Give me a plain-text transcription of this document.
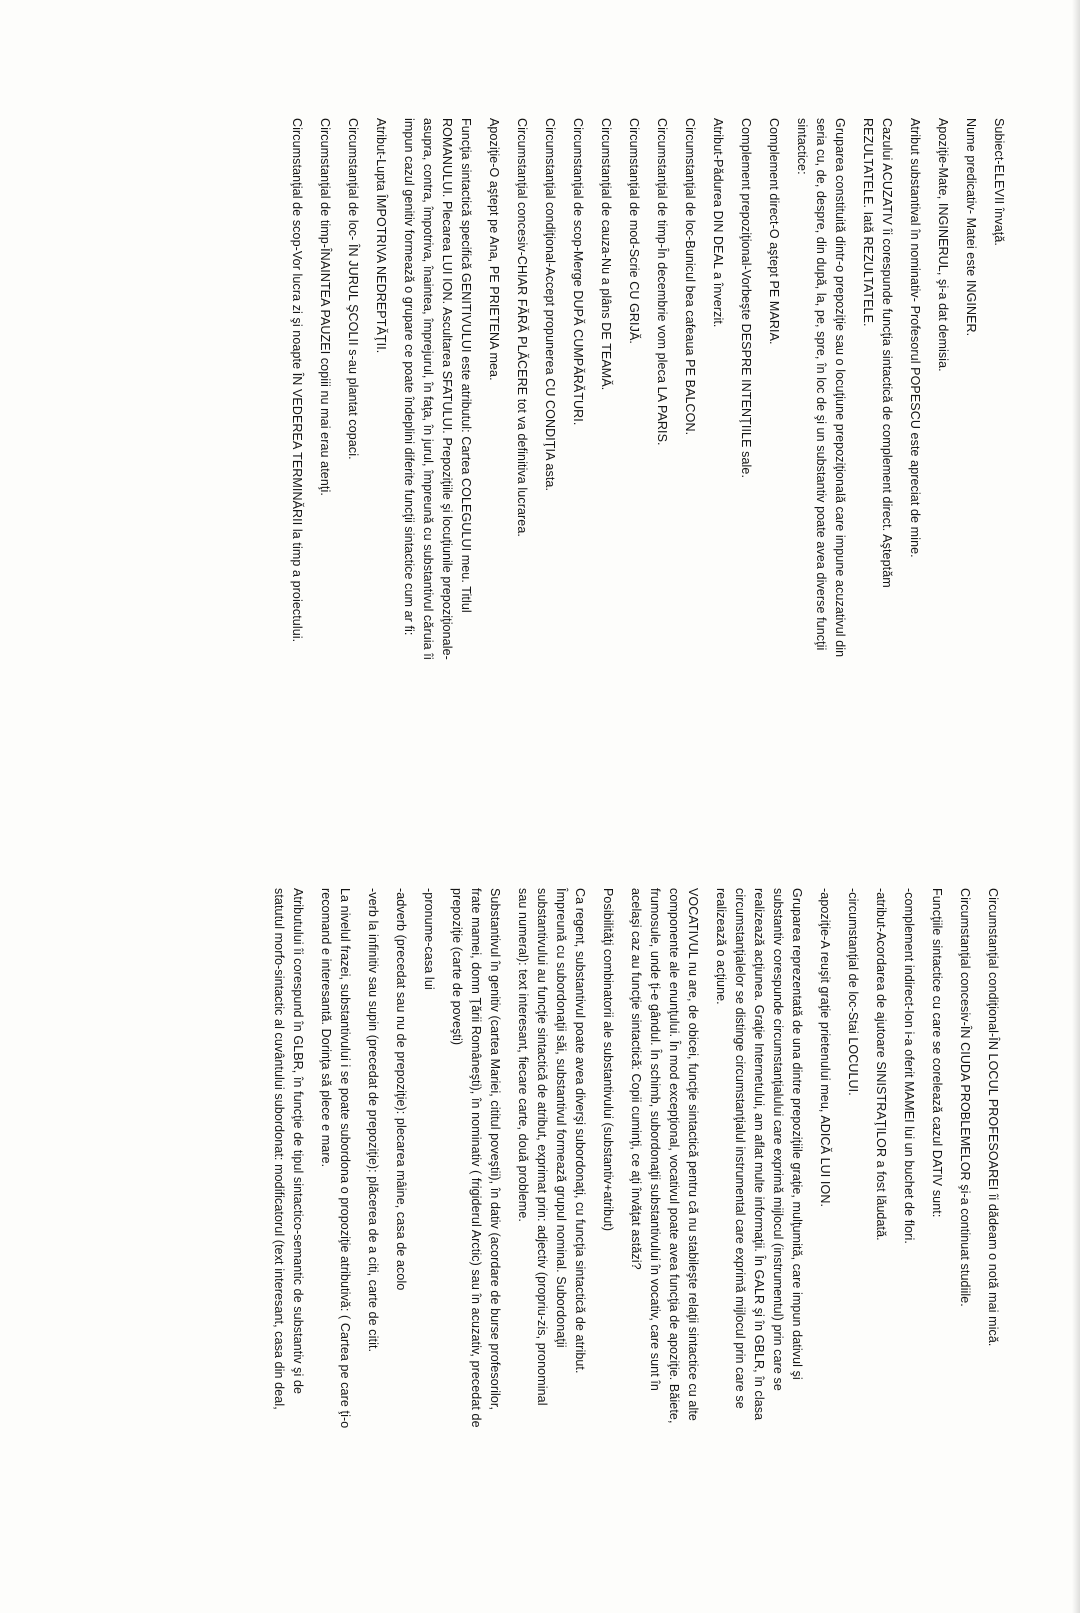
Subiect-ELEVII învaţă.
Nume predicativ- Matei este INGINER.
Apoziţie-Mate, INGINERUL, şi-a dat demisia.
Atribut substantival în nominativ- Profesorul POPESCU este apreciat de mine.
Cazului ACUZATIV îi corespunde funcţia sintactică de complement direct. Aşteptăm
REZULTATELE. Iată REZULTATELE.
Gruparea constituită dintr-o prepoziţie sau o locuţiune prepoziţională care impune acuzativul din
seria cu, de, despre, din după, la, pe, spre, în loc de şi un substantiv poate avea diverse funcţii
sintactice:
Complement direct-O aştept PE MARIA.
Complement prepoziţional-Vorbeşte DESPRE INTENŢIILE sale.
Atribut-Pădurea DIN DEAL a înverzit.
Circumstanţial de loc-Bunicul bea cafeaua PE BALCON.
Circumstanţial de timp-În decembrie vom pleca LA PARIS.
Circumstanţial de mod-Scrie CU GRIJĂ.
Circumstanţial de cauza-Nu a plâns DE TEAMĂ.
Circumstanţial de scop-Merge DUPĂ CUMPĂRĂTURI.
Circumstanţial condiţional-Accept propunerea CU CONDIŢIA asta.
Circumstanţial concesiv-CHIAR FĂRĂ PLĂCERE tot va definitiva lucrarea.
Apoziţie-O aştept pe Ana, PE PRIETENA mea.
Funcţia sintactică specifică GENITIVULUI este atributul: Cartea COLEGULUI meu. Titlul
ROMANULUI. Plecarea LUI ION. Ascultarea SFATULUI. Prepoziţiile şi locuţiunile prepoziţionale-
asupra, contra, împotriva, înaintea, împrejurul, în faţa, în jurul, împreună cu substantivul căruia îi
impun cazul genitiv formează o grupare ce poate îndeplini diferite funcţii sintactice cum ar fi:
Atribut-Lupta ÎMPOTRIVA NEDREPTĂŢII.
Circumstanţial de loc- ÎN JURUL ŞCOLII s-au plantat copaci.
Circumstanţial de timp-ÎNAINTEA PAUZEI copiii nu mai erau atenţi.
Circumstanţial de scop-Vor lucra zi şi noapte ÎN VEDEREA TERMINĂRII la timp a proiectului.
Circumstanţial condiţional-ÎN LOCUL PROFESOAREI îi dădeam o notă mai mică.
Circumstanţial concesiv-ÎN CIUDA PROBLEMELOR şi-a continuat studiile.
Funcţiile sintactice cu care se corelează cazul DATIV sunt:
-complement indirect-Ion i-a oferit MAMEI lui un buchet de flori.
-atribut-Acordarea de ajutoare SINISTRAŢILOR a fost lăudată.
-circumstanţial de loc-Stai LOCULUI.
-apoziţie-A reuşit graţie prietenului meu, ADICĂ LUI ION.
Gruparea reprezentată de una dintre prepoziţiile graţie, mulţumită, care impun dativul şi
substantiv corespunde circumstanţialului care exprimă mijlocul (instrumentul) prin care se
realizează acţiunea. Graţie Internetului, am aflat multe informaţii. În GALR şi în GBLR, în clasa
circumstanţialelor se distinge circumstanţialul instrumental care exprimă mijlocul prin care se
realizează o acţiune.
VOCATIVUL nu are, de obicei, funcţie sintactică pentru că nu stabileşte relaţii sintactice cu alte
componente ale enunţului. În mod excepţional, vocativul poate avea funcţia de apoziţie. Băiete,
frumosule, unde ţi-e gândul. În schimb, subordonaţii substantivului în vocativ, care sunt în
acelaşi caz au funcţie sintactică: Copii cuminţi, ce aţi învăţat astăzi?
Posibilităţi combinatorii ale substantivului (substantiv+atribut)
Ca regent, substantivul poate avea diverşi subordonaţi, cu funcţia sintactică de atribut.
Împreună cu subordonaţii săi, substantivul formează grupul nominal. Subordonaţii
substantivului au funcţie sintactică de atribut, exprimat prin: adjectiv (propriu-zis, pronominal
sau numeral): text interesant, fiecare carte, două probleme.
Substantivul în genitiv (cartea Mariei, cititul poveştii), în dativ (acordare de burse profesorilor,
frate mamei, domn Ţării Româneşti), în nominativ ( frigiderul Arctic) sau în acuzativ, precedat de
prepoziţie (carte de poveşti)
-pronume-casa lui
-adverb (precedat sau nu de prepoziţie): plecarea mâine, casa de acolo
-verb la infinitiv sau supin (precedat de prepoziţie): plăcerea de a citi, carte de citit.
La nivelul frazei, substantivului i se poate subordona o propoziţie atributivă: ( Cartea pe care ţi-o
recomand e interesantă. Dorinţa să plece e mare.
Atributului îi corespund în GLBR, în funcţie de tipul sintactico-semantic de substantiv şi de
statutul morfo-sintactic al cuvântului subordonat: modificatorul (text interesant, casa din deal,
